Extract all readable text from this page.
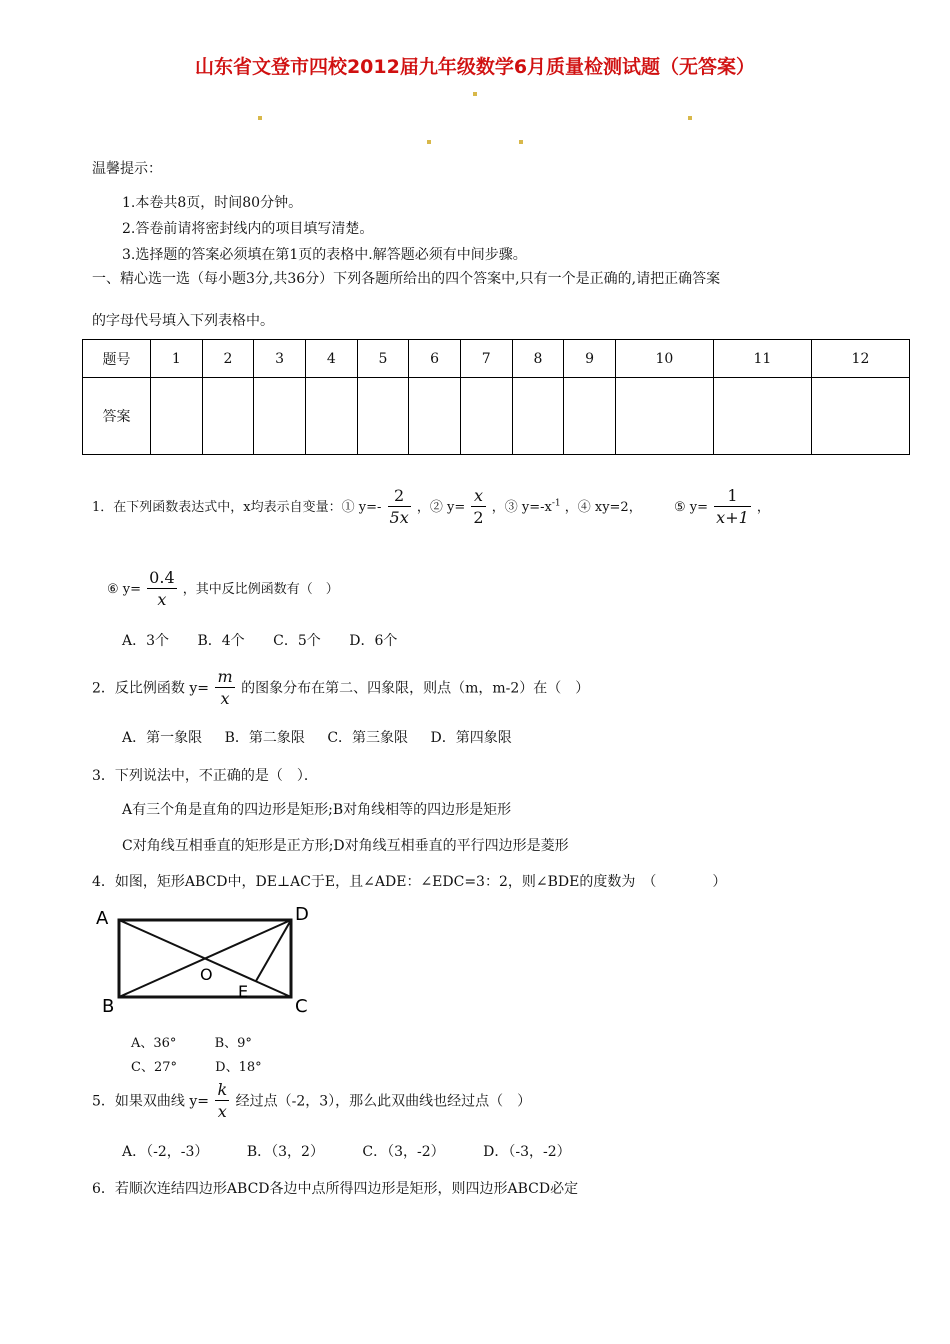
山东省文登市四校2012届九年级数学6月质量检测试题（无答案）
温馨提示：
1.本卷共8页，时间80分钟。
2.答卷前请将密封线内的项目填写清楚。
3.选择题的答案必须填在第1页的表格中.解答题必须有中间步骤。
一、精心选一选（每小题3分,共36分）下列各题所给出的四个答案中,只有一个是正确的,请把正确答案
的字母代号填入下列表格中。
题号	1	2	3	4	5	6	7	8	9	10	11	12
答案												
1．在下列函数表达式中，x均表示自变量：① $y=- \frac{2}{5x}$ ，② $y= \frac{x}{2}$ ，③ $y=-x^{-1}$ ，④ xy=2， ⑤ $y= \frac{1}{x+1}$ ，
⑥ $y= \frac{0.4}{x}$ ，其中反比例函数有（　）
A．3个 B．4个 C．5个 D．6个
2．反比例函数 $y= \frac{m}{x}$ 的图象分布在第二、四象限，则点（m，m-2）在（　）
A．第一象限 B．第二象限 C．第三象限 D．第四象限
3．下列说法中，不正确的是（　）．
A有三个角是直角的四边形是矩形;B对角线相等的四边形是矩形
C对角线互相垂直的矩形是正方形;D对角线互相垂直的平行四边形是菱形
4．如图，矩形ABCD中，DE⊥AC于E，且∠ADE：∠EDC=3：2，则∠BDE的度数为　（　　　　）
A
B	C
D
O
E
A、36°	B、9°
C、27°	D、18°
5．如果双曲线 $y= \frac{k}{x}$ 经过点（-2，3），那么此双曲线也经过点（　）
A．（-2，-3）	B．（3，2）	C．（3，-2）	D．（-3，-2）
6．若顺次连结四边形ABCD各边中点所得四边形是矩形，则四边形ABCD必定
